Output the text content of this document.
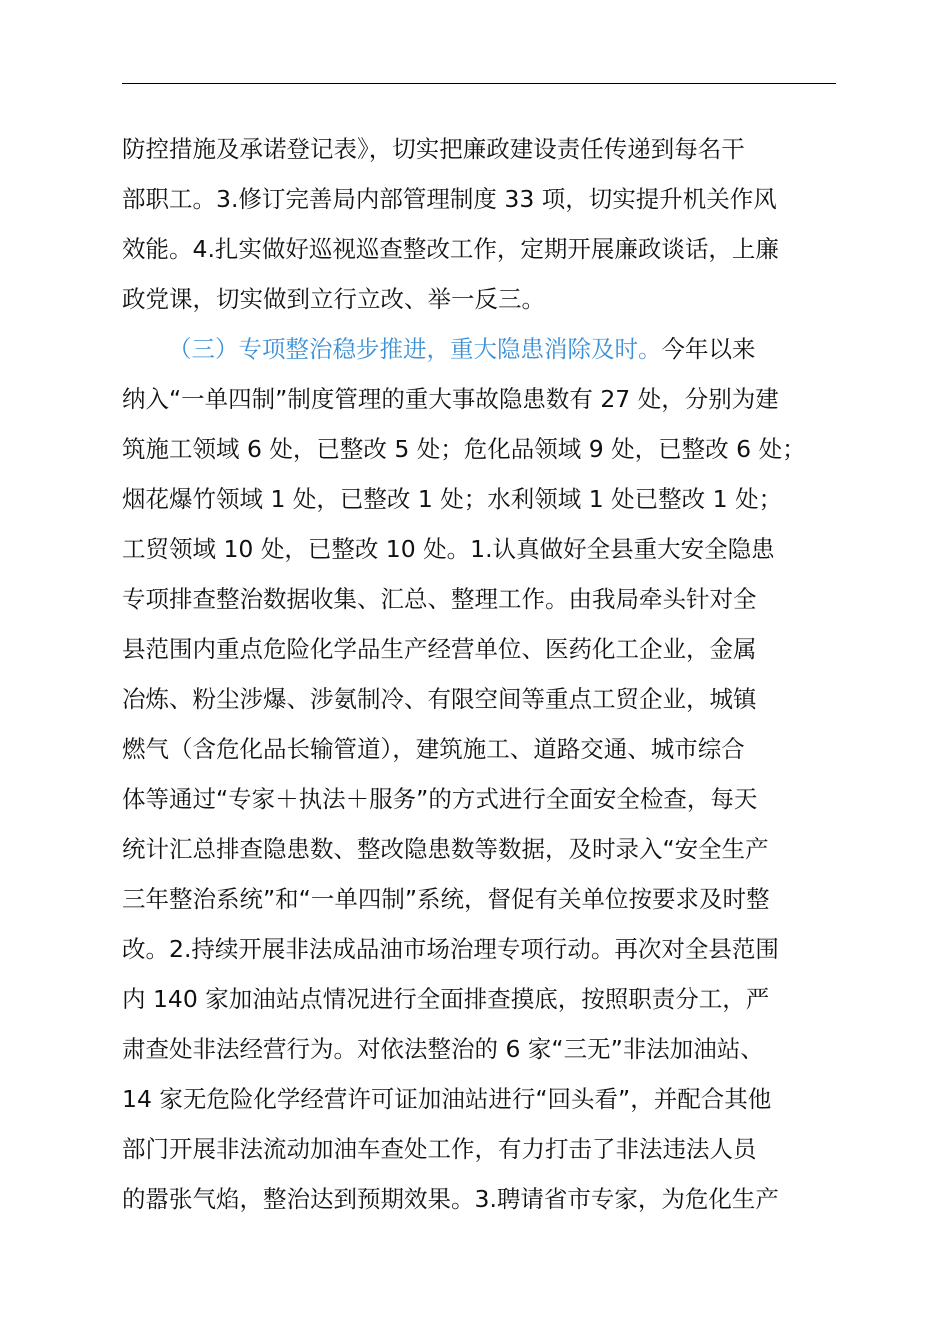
防控措施及承诺登记表》，切实把廉政建设责任传递到每名干
部职工。3.修订完善局内部管理制度 33 项，切实提升机关作风
效能。4.扎实做好巡视巡查整改工作，定期开展廉政谈话，上廉
政党课，切实做到立行立改、举一反三。
（三）专项整治稳步推进，重大隐患消除及时。今年以来
纳入“一单四制”制度管理的重大事故隐患数有 27 处，分别为建
筑施工领域 6 处，已整改 5 处；危化品领域 9 处，已整改 6 处；
烟花爆竹领域 1 处，已整改 1 处；水利领域 1 处已整改 1 处；
工贸领域 10 处，已整改 10 处。1.认真做好全县重大安全隐患
专项排查整治数据收集、汇总、整理工作。由我局牵头针对全
县范围内重点危险化学品生产经营单位、医药化工企业，金属
冶炼、粉尘涉爆、涉氨制冷、有限空间等重点工贸企业，城镇
燃气（含危化品长输管道），建筑施工、道路交通、城市综合
体等通过“专家＋执法＋服务”的方式进行全面安全检查，每天
统计汇总排查隐患数、整改隐患数等数据，及时录入“安全生产
三年整治系统”和“一单四制”系统，督促有关单位按要求及时整
改。2.持续开展非法成品油市场治理专项行动。再次对全县范围
内 140 家加油站点情况进行全面排查摸底，按照职责分工，严
肃查处非法经营行为。对依法整治的 6 家“三无”非法加油站、
14 家无危险化学经营许可证加油站进行“回头看”，并配合其他
部门开展非法流动加油车查处工作，有力打击了非法违法人员
的嚣张气焰，整治达到预期效果。3.聘请省市专家，为危化生产
